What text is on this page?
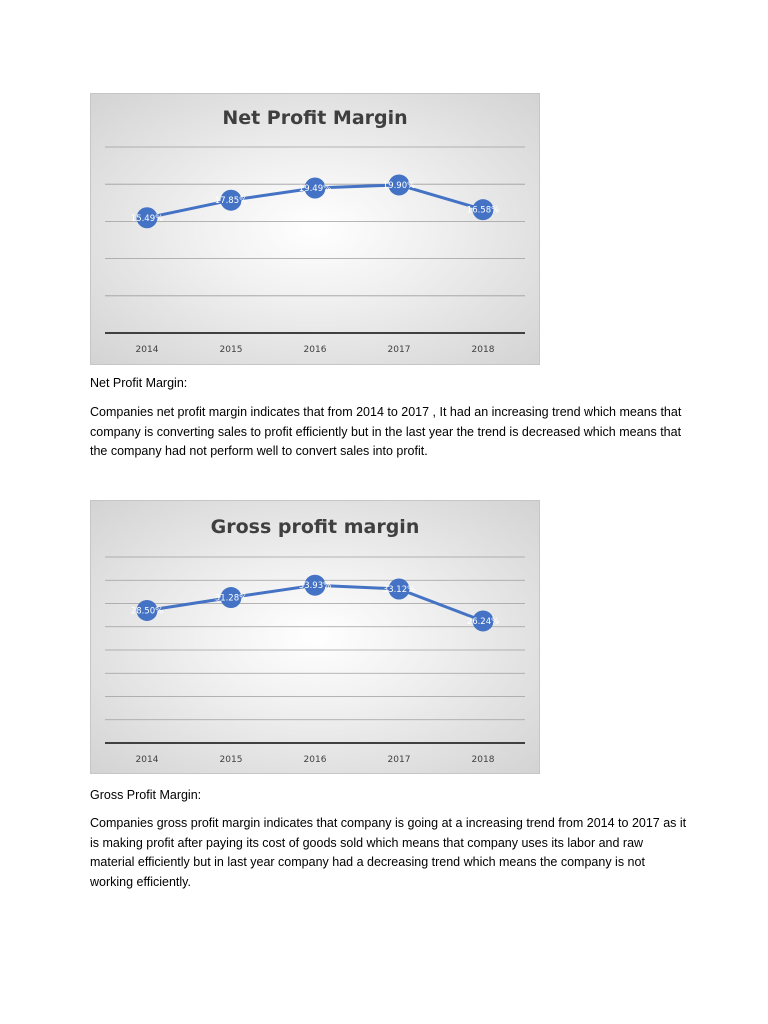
Net Profit Margin
2014	2015	2016	2017	2018
15.49%
17.85%
19.49%	19.90%
16.58%
Net Profit Margin:
Companies net profit margin indicates that from 2014 to 2017 , It had an increasing trend which means that company is converting sales to profit efficiently but in the last year the trend is decreased which means that the company had not perform well to convert sales into profit.
Gross profit margin
2014	2015	2016	2017	2018
28.50%
31.28%
33.93%	33.12%
26.24%
Gross Profit Margin:
Companies gross profit margin indicates that company is going at a increasing trend from 2014 to 2017 as it is making profit after paying its cost of goods sold which means that company uses its labor and raw material efficiently but in last year company had a decreasing trend which means the company is not working efficiently.
